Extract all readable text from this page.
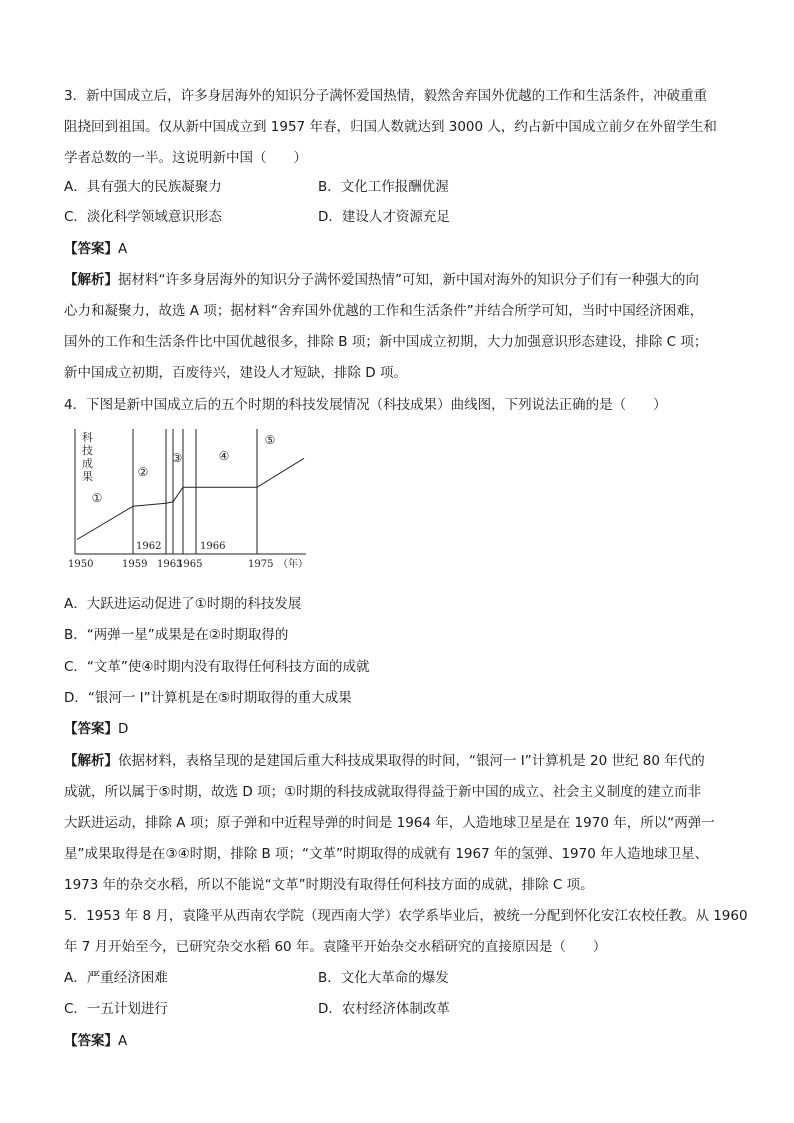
3．新中国成立后，许多身居海外的知识分子满怀爱国热情，毅然舍弃国外优越的工作和生活条件，冲破重重
阻挠回到祖国。仅从新中国成立到 1957 年春，归国人数就达到 3000 人，约占新中国成立前夕在外留学生和
学者总数的一半。这说明新中国（　　）
A．具有强大的民族凝聚力	B．文化工作报酬优渥
C．淡化科学领域意识形态	D．建设人才资源充足
【答案】A
【解析】据材料“许多身居海外的知识分子满怀爱国热情”可知，新中国对海外的知识分子们有一种强大的向
心力和凝聚力，故选 A 项；据材料“舍弃国外优越的工作和生活条件”并结合所学可知，当时中国经济困难，
国外的工作和生活条件比中国优越很多，排除 B 项；新中国成立初期，大力加强意识形态建设，排除 C 项；
新中国成立初期，百废待兴，建设人才短缺，排除 D 项。
4．下图是新中国成立后的五个时期的科技发展情况（科技成果）曲线图，下列说法正确的是（　　）
科
技
成
果
1950	1959 1963
1965	1975
1962	1966
（年）
①
②
③	④
⑤
A．大跃进运动促进了①时期的科技发展
B．“两弹一星”成果是在②时期取得的
C．“文革”使④时期内没有取得任何科技方面的成就
D．“银河一 I”计算机是在⑤时期取得的重大成果
【答案】D
【解析】依据材料，表格呈现的是建国后重大科技成果取得的时间，“银河一 I”计算机是 20 世纪 80 年代的
成就，所以属于⑤时期，故选 D 项；①时期的科技成就取得得益于新中国的成立、社会主义制度的建立而非
大跃进运动，排除 A 项；原子弹和中近程导弹的时间是 1964 年，人造地球卫星是在 1970 年，所以“两弹一
星”成果取得是在③④时期，排除 B 项；“文革”时期取得的成就有 1967 年的氢弹、1970 年人造地球卫星、
1973 年的杂交水稻，所以不能说“文革”时期没有取得任何科技方面的成就，排除 C 项。
5．1953 年 8 月，袁隆平从西南农学院（现西南大学）农学系毕业后，被统一分配到怀化安江农校任教。从 1960
年 7 月开始至今，已研究杂交水稻 60 年。袁隆平开始杂交水稻研究的直接原因是（　　）
A．严重经济困难	B．文化大革命的爆发
C．一五计划进行	D．农村经济体制改革
【答案】A
